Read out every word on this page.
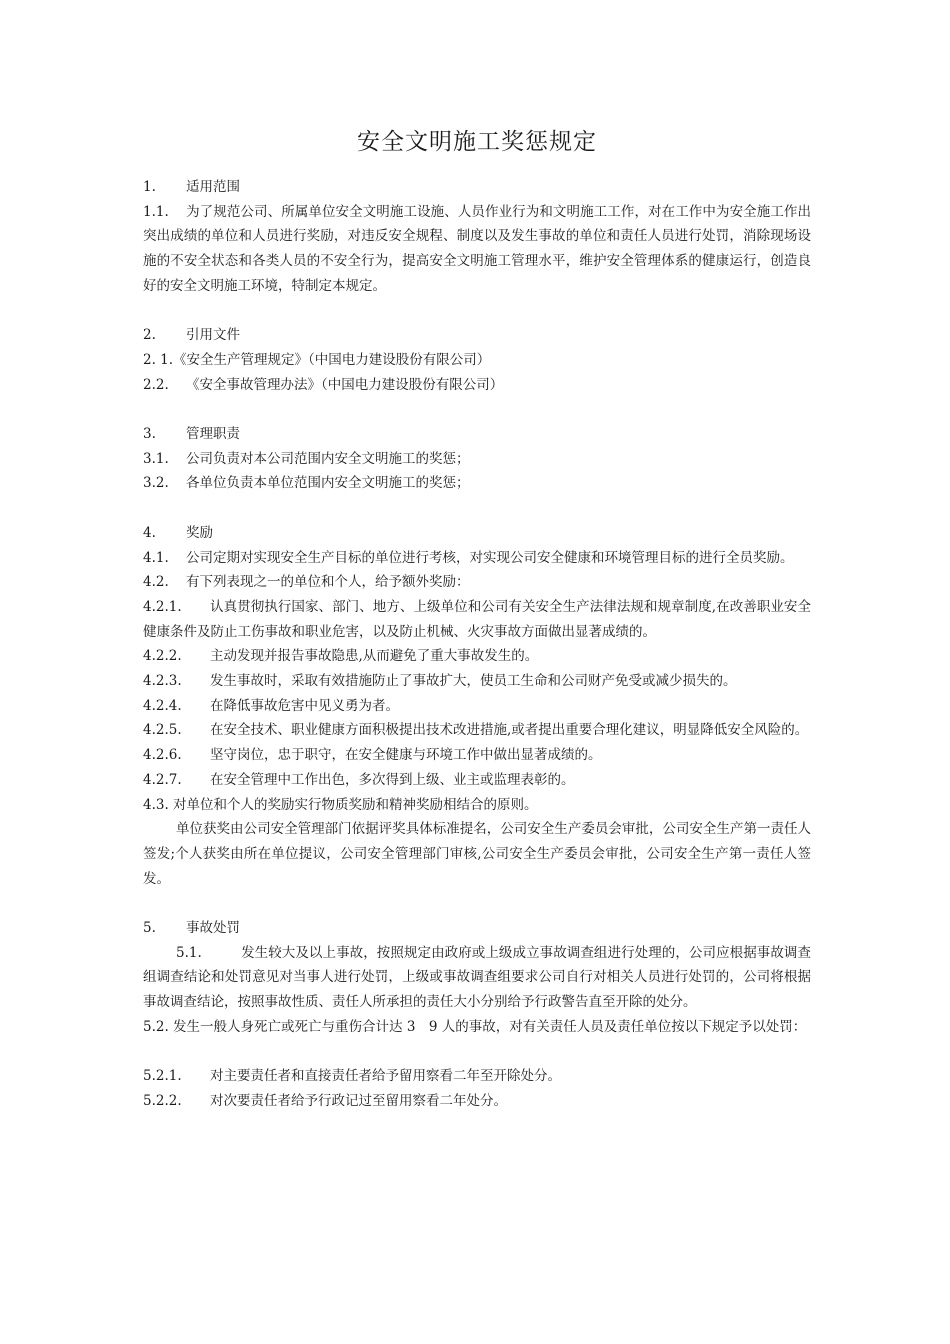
安全文明施工奖惩规定

1. 适用范围

1.1. 为了规范公司、所属单位安全文明施工设施、人员作业行为和文明施工工作，对在工作中为安全施工作出突出成绩的单位和人员进行奖励，对违反安全规程、制度以及发生事故的单位和责任人员进行处罚，消除现场设施的不安全状态和各类人员的不安全行为，提高安全文明施工管理水平，维护安全管理体系的健康运行，创造良好的安全文明施工环境，特制定本规定。

2. 引用文件

2. 1.《安全生产管理规定》（中国电力建设股份有限公司）

2.2. 《安全事故管理办法》（中国电力建设股份有限公司）

3. 管理职责

3.1. 公司负责对本公司范围内安全文明施工的奖惩；

3.2. 各单位负责本单位范围内安全文明施工的奖惩；

4. 奖励

4.1. 公司定期对实现安全生产目标的单位进行考核，对实现公司安全健康和环境管理目标的进行全员奖励。

4.2. 有下列表现之一的单位和个人，给予额外奖励：

4.2.1. 认真贯彻执行国家、部门、地方、上级单位和公司有关安全生产法律法规和规章制度,在改善职业安全健康条件及防止工伤事故和职业危害，以及防止机械、火灾事故方面做出显著成绩的。

4.2.2. 主动发现并报告事故隐患,从而避免了重大事故发生的。

4.2.3. 发生事故时，采取有效措施防止了事故扩大，使员工生命和公司财产免受或减少损失的。

4.2.4. 在降低事故危害中见义勇为者。

4.2.5. 在安全技术、职业健康方面积极提出技术改进措施,或者提出重要合理化建议，明显降低安全风险的。

4.2.6. 坚守岗位，忠于职守，在安全健康与环境工作中做出显著成绩的。

4.2.7. 在安全管理中工作出色，多次得到上级、业主或监理表彰的。

4.3. 对单位和个人的奖励实行物质奖励和精神奖励相结合的原则。

单位获奖由公司安全管理部门依据评奖具体标准提名，公司安全生产委员会审批，公司安全生产第一责任人签发;个人获奖由所在单位提议，公司安全管理部门审核,公司安全生产委员会审批，公司安全生产第一责任人签发。

5. 事故处罚

5.1.	发生较大及以上事故，按照规定由政府或上级成立事故调查组进行处理的，公司应根据事故调查组调查结论和处罚意见对当事人进行处罚，上级或事故调查组要求公司自行对相关人员进行处罚的，公司将根据事故调查结论，按照事故性质、责任人所承担的责任大小分别给予行政警告直至开除的处分。

5.2. 发生一般人身死亡或死亡与重伤合计达 3　9 人的事故，对有关责任人员及责任单位按以下规定予以处罚：

5.2.1. 对主要责任者和直接责任者给予留用察看二年至开除处分。

5.2.2. 对次要责任者给予行政记过至留用察看二年处分。
